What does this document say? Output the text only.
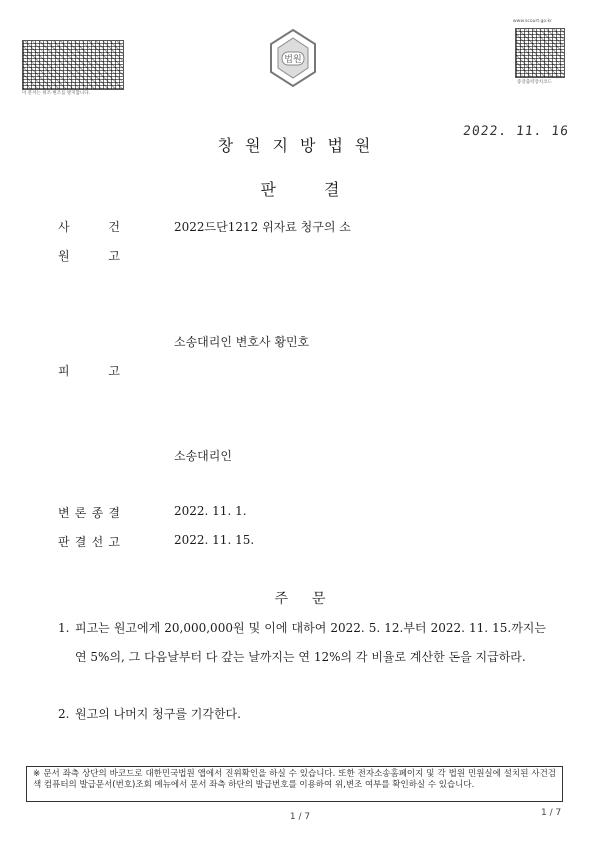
이 문서는 위조·변조를 방지합니다.
www.scourt.go.kr
증강출력장치코드
법원
2022. 11. 16
창원지방법원
판결
사	건	2022드단1212 위자료 청구의 소
원	고
소송대리인 변호사 황민호
피	고
소송대리인
변 론 종 결	2022. 11. 1.
판 결 선 고	2022. 11. 15.
주문
1. 피고는 원고에게 20,000,000원 및 이에 대하여 2022. 5. 12.부터 2022. 11. 15.까지는 연 5%의, 그 다음날부터 다 갚는 날까지는 연 12%의 각 비율로 계산한 돈을 지급하라.
2. 원고의 나머지 청구를 기각한다.
※ 문서 좌측 상단의 바코드로 대한민국법원 앱에서 진위확인을 하실 수 있습니다. 또한 전자소송홈페이지 및 각 법원 민원실에 설치된 사건검색 컴퓨터의 발급문서(번호)조회 메뉴에서 문서 좌측 하단의 발급번호를 이용하여 위,변조 여부를 확인하실 수 있습니다.
1 / 7	1 / 7
